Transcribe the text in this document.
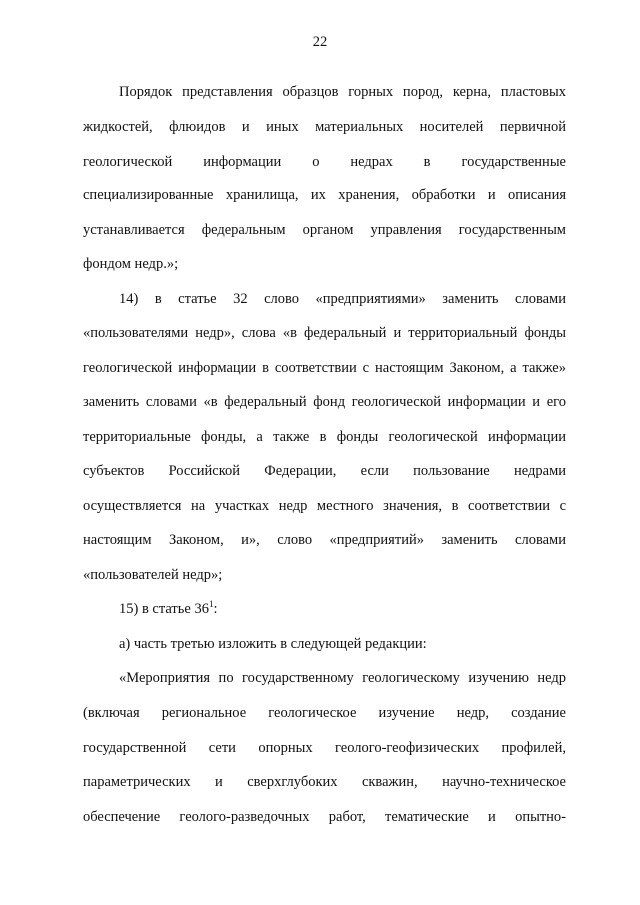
22
Порядок представления образцов горных пород, керна, пластовых
жидкостей, флюидов и иных материальных носителей первичной
геологической информации о недрах в государственные
специализированные хранилища, их хранения, обработки и описания
устанавливается федеральным органом управления государственным
фондом недр.»;
14) в статье 32 слово «предприятиями» заменить словами
«пользователями недр», слова «в федеральный и территориальный фонды
геологической информации в соответствии с настоящим Законом, а также»
заменить словами «в федеральный фонд геологической информации и его
территориальные фонды, а также в фонды геологической информации
субъектов Российской Федерации, если пользование недрами
осуществляется на участках недр местного значения, в соответствии с
настоящим Законом, и», слово «предприятий» заменить словами
«пользователей недр»;
15) в статье $36^1$:
а) часть третью изложить в следующей редакции:
«Мероприятия по государственному геологическому изучению недр
(включая региональное геологическое изучение недр, создание
государственной сети опорных геолого-геофизических профилей,
параметрических и сверхглубоких скважин, научно-техническое
обеспечение геолого-разведочных работ, тематические и опытно-
